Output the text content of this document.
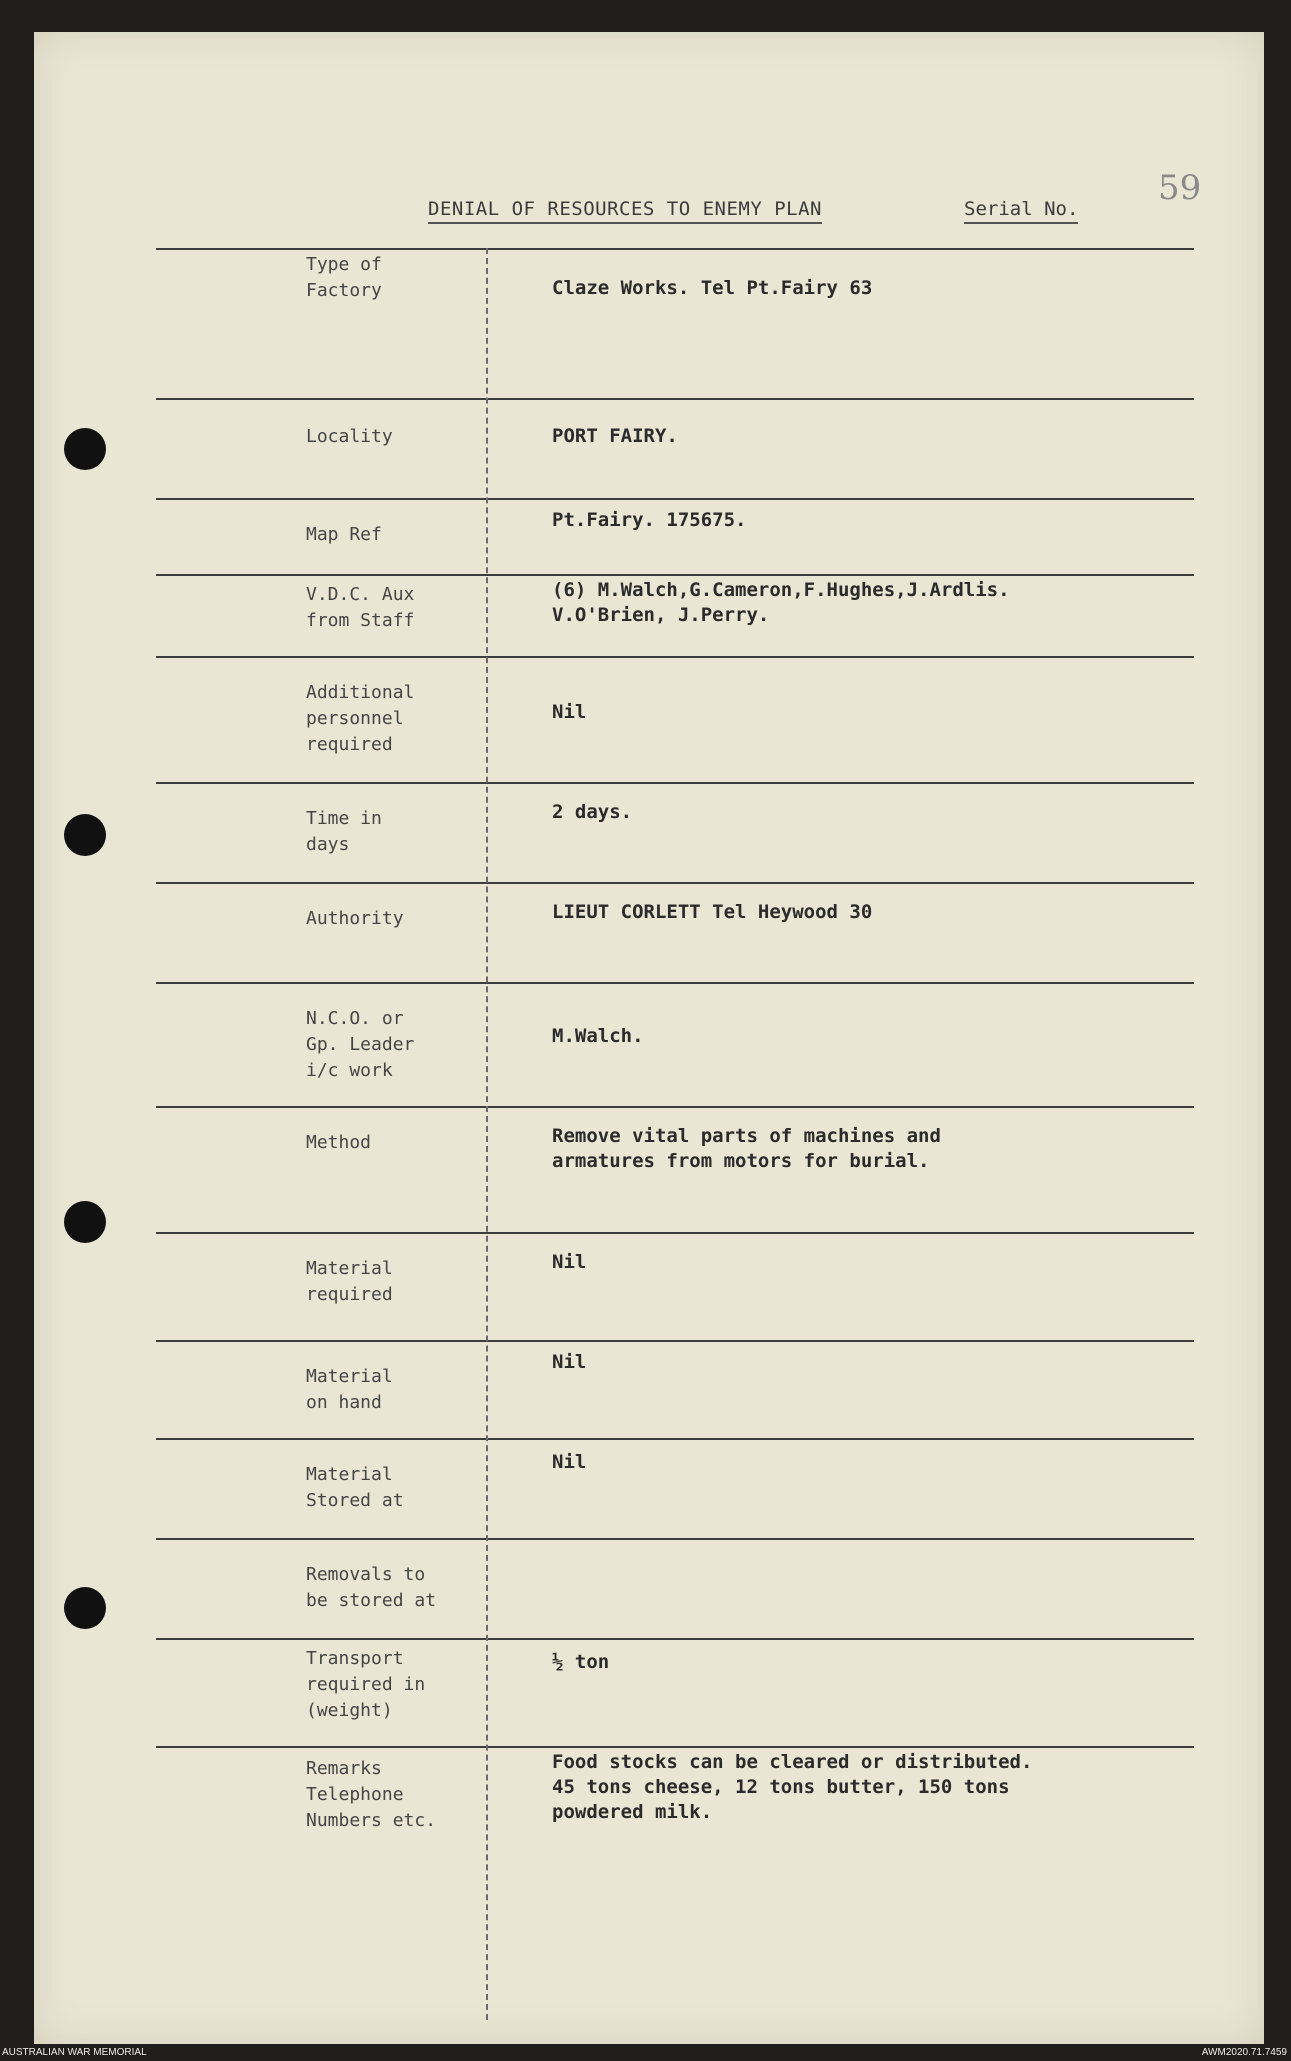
59
DENIAL OF RESOURCES TO ENEMY PLAN	Serial No.
Type of
Factory
Locality
Map Ref
V.D.C. Aux
from Staff
Additional
personnel
required
Time in
days
Authority
N.C.O. or
Gp. Leader
i/c work
Method
Material
required
Material
on hand
Material
Stored at
Removals to
be stored at
Transport
required in
(weight)
Remarks
Telephone
Numbers etc.
Claze Works. Tel Pt.Fairy 63
PORT FAIRY.
Pt.Fairy. 175675.
(6) M.Walch,G.Cameron,F.Hughes,J.Ardlis.
V.O'Brien, J.Perry.
Nil
2 days.
LIEUT CORLETT Tel Heywood 30
M.Walch.
Remove vital parts of machines and
armatures from motors for burial.
Nil
Nil
Nil
½ ton
Food stocks can be cleared or distributed.
45 tons cheese, 12 tons butter, 150 tons
powdered milk.
AUSTRALIAN WAR MEMORIAL	AWM2020.71.7459
